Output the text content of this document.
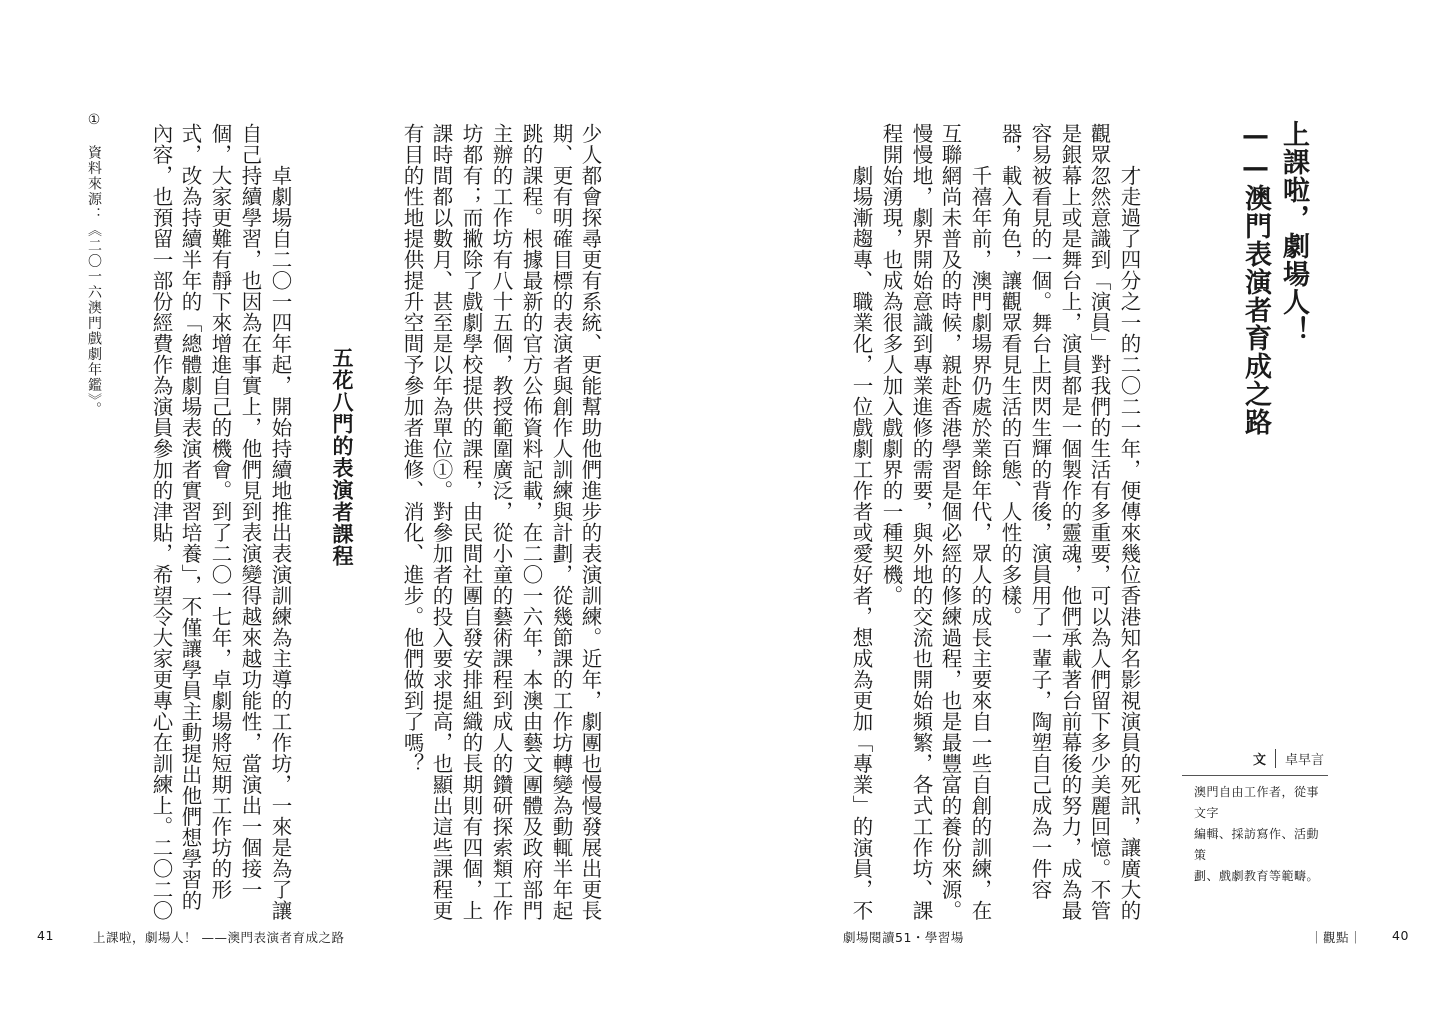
上課啦，劇場人！
——澳門表演者育成之路
　　才走過了四分之一的二〇二一年，便傳來幾位香港知名影視演員的死訊，讓廣大的
觀眾忽然意識到「演員」對我們的生活有多重要，可以為人們留下多少美麗回憶。不管
是銀幕上或是舞台上，演員都是一個製作的靈魂，他們承載著台前幕後的努力，成為最
容易被看見的一個。舞台上閃閃生輝的背後，演員用了一輩子，陶塑自己成為一件容
器，載入角色，讓觀眾看見生活的百態、人性的多樣。
　　千禧年前，澳門劇場界仍處於業餘年代，眾人的成長主要來自一些自創的訓練，在
互聯網尚未普及的時候，親赴香港學習是個必經的修練過程，也是最豐富的養份來源。
慢慢地，劇界開始意識到專業進修的需要，與外地的交流也開始頻繁，各式工作坊、課
程開始湧現，也成為很多人加入戲劇界的一種契機。
　　劇場漸趨專、職業化，一位戲劇工作者或愛好者，想成為更加「專業」的演員，不	文	卓早言

澳門自由工作者，從事文字
編輯、採訪寫作、活動策
劃、戲劇教育等範疇。

少人都會探尋更有系統、更能幫助他們進步的表演訓練。近年，劇團也慢慢發展出更長
期、更有明確目標的表演者與創作人訓練與計劃，從幾節課的工作坊轉變為動輒半年起
跳的課程。根據最新的官方公佈資料記載，在二〇一六年，本澳由藝文團體及政府部門
主辦的工作坊有八十五個，教授範圍廣泛，從小童的藝術課程到成人的鑽研探索類工作
坊都有；而撇除了戲劇學校提供的課程，由民間社團自發安排組織的長期則有四個，上
課時間都以數月、甚至是以年為單位①。對參加者的投入要求提高，也顯出這些課程更
有目的性地提供提升空間予參加者進修、消化、進步。他們做到了嗎？
五花八門的表演者課程
　　卓劇場自二〇一四年起，開始持續地推出表演訓練為主導的工作坊，一來是為了讓
自己持續學習，也因為在事實上，他們見到表演變得越來越功能性，當演出一個接一
個，大家更難有靜下來增進自己的機會。到了二〇一七年，卓劇場將短期工作坊的形
式，改為持續半年的「總體劇場表演者實習培養」，不僅讓學員主動提出他們想學習的
內容，也預留一部份經費作為演員參加的津貼，希望令大家更專心在訓練上。二〇二〇
①　資料來源：《二〇一六澳門戲劇年鑑》。
41	上課啦，劇場人！ ——澳門表演者育成之路	劇場閱讀51・學習場	｜觀點｜ 40
